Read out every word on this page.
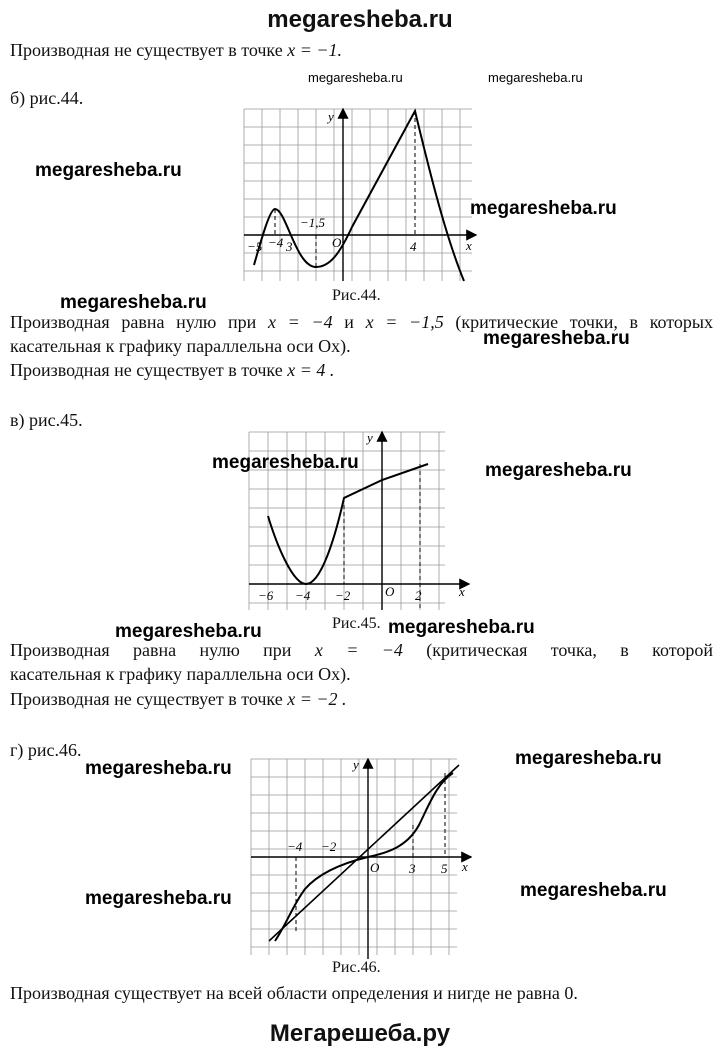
megaresheba.ru
Производная не существует в точке x = −1.
megaresheba.ru	megaresheba.ru
б) рис.44.
−5 −4 3
−1,5
O	4	x
y
megaresheba.ru
megaresheba.ru
Рис.44.
megaresheba.ru
Производная равна нулю при x = −4 и x = −1,5 (критические точки, в которых
касательная к графику параллельна оси Ox).	megaresheba.ru
Производная не существует в точке x = 4 .
в) рис.45.
−6 −4 −2	O 2	x
y
megaresheba.ru	megaresheba.ru
megaresheba.ru	Рис.45. megaresheba.ru
Производная равна нулю при x = −4 (критическая точка, в которой
касательная к графику параллельна оси Ox).
Производная не существует в точке x = −2 .
г) рис.46.
−4 −2
O 3 5 x
y	megaresheba.ru
megaresheba.ru
megaresheba.ru
megaresheba.ru
Рис.46.
Производная существует на всей области определения и нигде не равна 0.
Мегарешеба.ру
